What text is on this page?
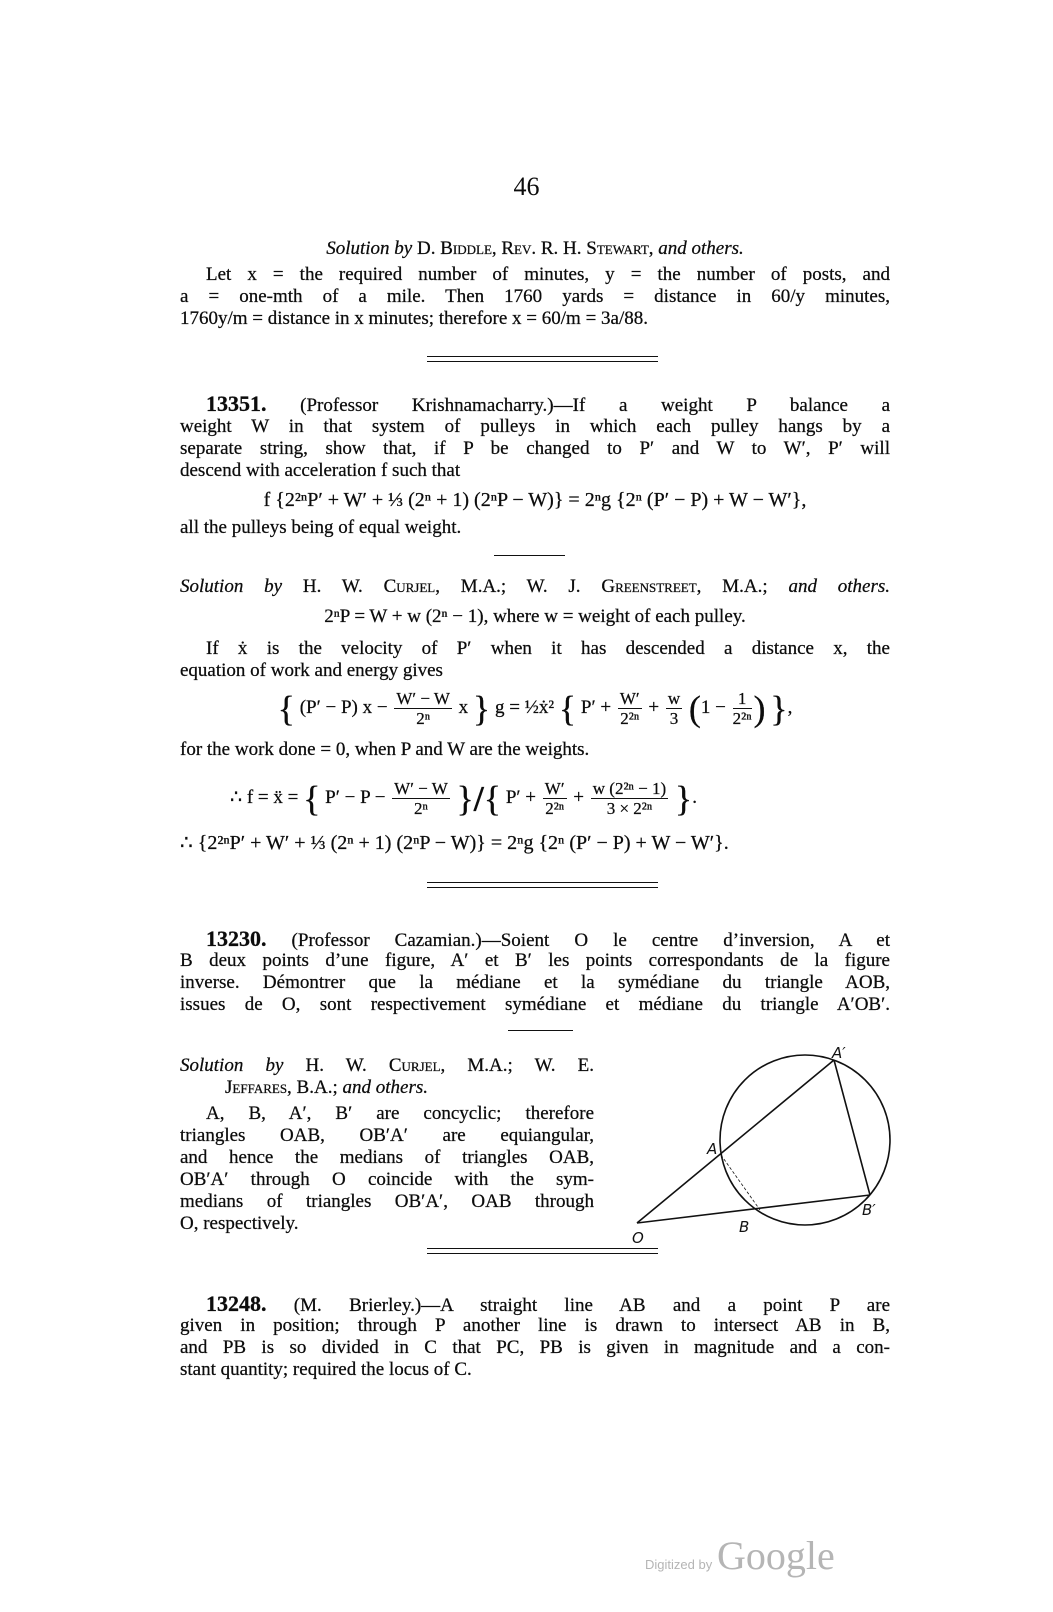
46
Solution by D. Biddle, Rev. R. H. Stewart, and others.
Let x = the required number of minutes, y = the number of posts, and
a = one-mth of a mile. Then 1760 yards = distance in 60/y minutes,
1760y/m = distance in x minutes; therefore x = 60/m = 3a/88.
13351. (Professor Krishnamacharry.)—If a weight P balance a
weight W in that system of pulleys in which each pulley hangs by a
separate string, show that, if P be changed to P′ and W to W′, P′ will
descend with acceleration f such that
f {2²ⁿP′ + W′ + ⅓ (2ⁿ + 1) (2ⁿP − W)} = 2ⁿg {2ⁿ (P′ − P) + W − W′},
all the pulleys being of equal weight.
Solution by H. W. Curjel, M.A.; W. J. Greenstreet, M.A.; and others.
2ⁿP = W + w (2ⁿ − 1), where w = weight of each pulley.
If ẋ is the velocity of P′ when it has descended a distance x, the
equation of work and energy gives
{ (P′ − P) $x - \frac{W' - W}{\text{2ⁿ}}$ x } g = ½ẋ² { $P' + \frac{W'}{\text{2²ⁿ}} + \frac{w}{3} (1 - \frac{1}{\text{2²ⁿ}}$ ) },
for the work done = 0, when P and W are the weights.
∴ f = ẍ = { $P' - P - \frac{W' - W}{\text{2ⁿ}}$ }/{ $P' + \frac{W'}{\text{2²ⁿ}} + \frac{\text{w (2²ⁿ − 1)}}{\text{3 × 2²ⁿ}}$ }.
∴ {2²ⁿP′ + W′ + ⅓ (2ⁿ + 1) (2ⁿP − W)} = 2ⁿg {2ⁿ (P′ − P) + W − W′}.
13230. (Professor Cazamian.)—Soient O le centre d’inversion, A et
B deux points d’une figure, A′ et B′ les points correspondants de la figure
inverse. Démontrer que la médiane et la symédiane du triangle AOB,
issues de O, sont respectivement symédiane et médiane du triangle A′OB′.
Solution by H. W. Curjel, M.A.; W. E.
Jeffares, B.A.; and others.
A, B, A′, B′ are concyclic; therefore
triangles OAB, OB′A′ are equiangular,
and hence the medians of triangles OAB,
OB′A′ through O coincide with the sym-
medians of triangles OB′A′, OAB through
O, respectively.
O
A
B
A′
B′
13248. (M. Brierley.)—A straight line AB and a point P are
given in position; through P another line is drawn to intersect AB in B,
and PB is so divided in C that PC, PB is given in magnitude and a con-
stant quantity; required the locus of C.
Digitized by Google
